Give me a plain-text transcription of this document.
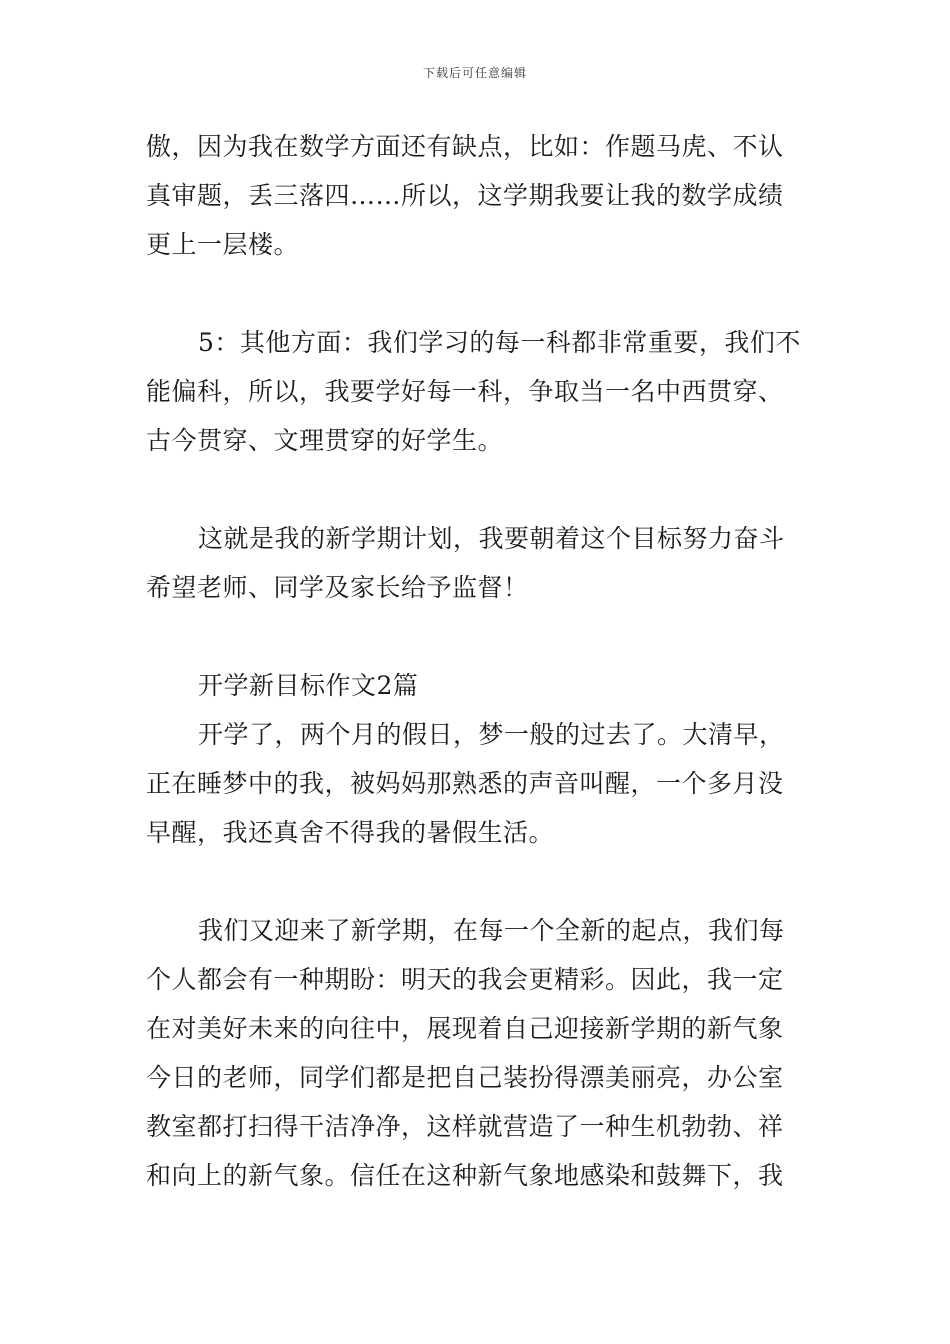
下载后可任意编辑
傲，因为我在数学方面还有缺点，比如：作题马虎、不认
真审题，丢三落四……所以，这学期我要让我的数学成绩
更上一层楼。
5：其他方面：我们学习的每一科都非常重要，我们不
能偏科，所以，我要学好每一科，争取当一名中西贯穿、
古今贯穿、文理贯穿的好学生。
这就是我的新学期计划，我要朝着这个目标努力奋斗
希望老师、同学及家长给予监督！
开学新目标作文2篇
开学了，两个月的假日，梦一般的过去了。大清早，
正在睡梦中的我，被妈妈那熟悉的声音叫醒，一个多月没
早醒，我还真舍不得我的暑假生活。
我们又迎来了新学期，在每一个全新的起点，我们每
个人都会有一种期盼：明天的我会更精彩。因此，我一定
在对美好未来的向往中，展现着自己迎接新学期的新气象
今日的老师，同学们都是把自己装扮得漂美丽亮，办公室
教室都打扫得干洁净净，这样就营造了一种生机勃勃、祥
和向上的新气象。信任在这种新气象地感染和鼓舞下，我
